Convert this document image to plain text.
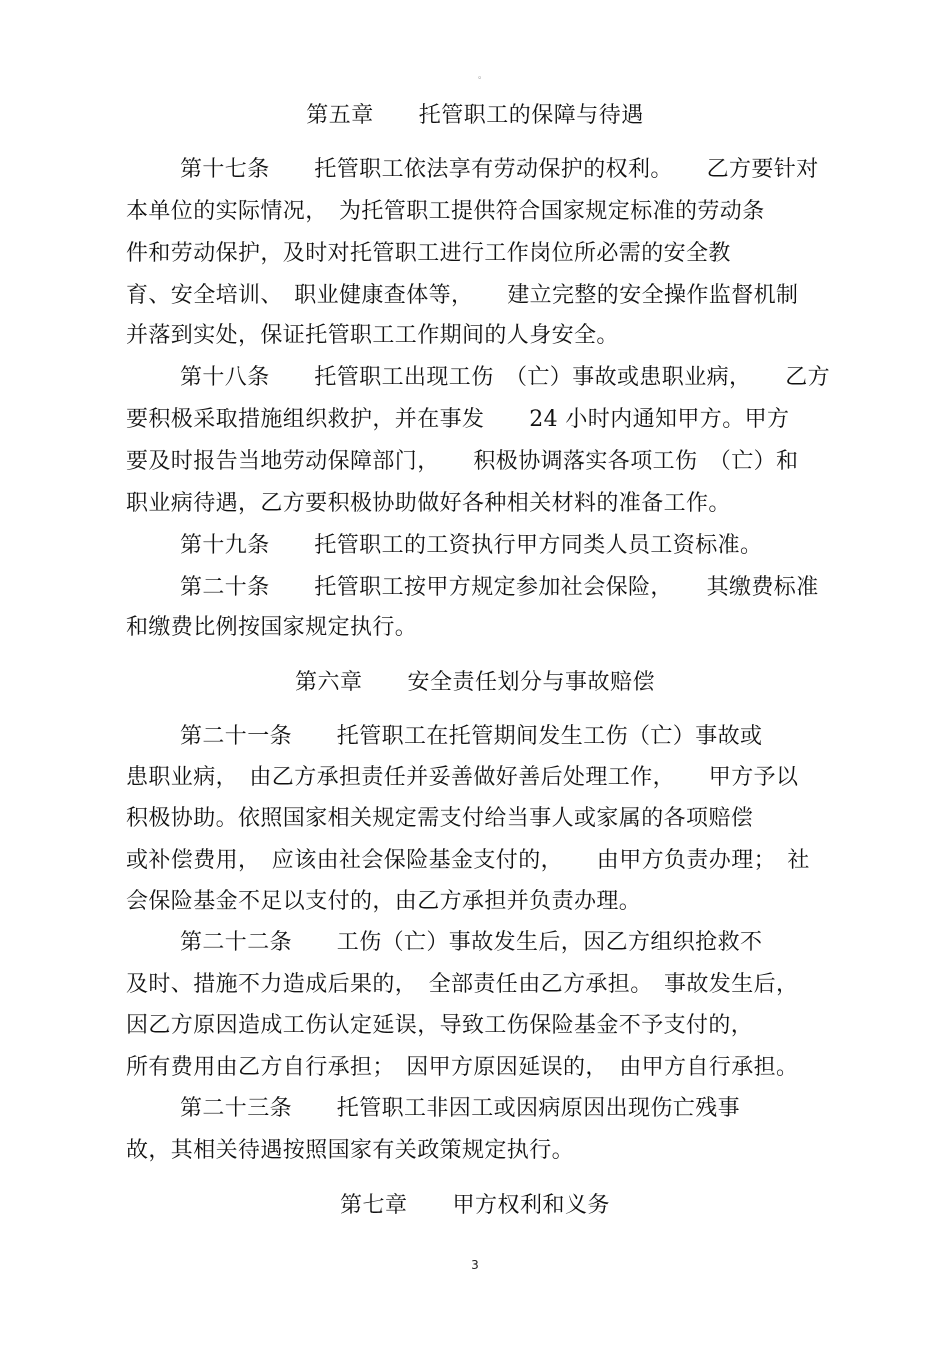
。
第五章　　托管职工的保障与待遇
第十七条　　托管职工依法享有劳动保护的权利。　　乙方要针对
本单位的实际情况，　为托管职工提供符合国家规定标准的劳动条
件和劳动保护，及时对托管职工进行工作岗位所必需的安全教
育、安全培训、　职业健康查体等，　　建立完整的安全操作监督机制
并落到实处，保证托管职工工作期间的人身安全。
第十八条　　托管职工出现工伤　（亡）事故或患职业病，　　乙方
要积极采取措施组织救护，并在事发　　24 小时内通知甲方。甲方
要及时报告当地劳动保障部门，　　积极协调落实各项工伤　（亡）和
职业病待遇，乙方要积极协助做好各种相关材料的准备工作。
第十九条　　托管职工的工资执行甲方同类人员工资标准。
第二十条　　托管职工按甲方规定参加社会保险，　　其缴费标准
和缴费比例按国家规定执行。
第六章　　安全责任划分与事故赔偿
第二十一条　　托管职工在托管期间发生工伤（亡）事故或
患职业病，　由乙方承担责任并妥善做好善后处理工作，　　甲方予以
积极协助。依照国家相关规定需支付给当事人或家属的各项赔偿
或补偿费用，　应该由社会保险基金支付的，　　由甲方负责办理；　社
会保险基金不足以支付的，由乙方承担并负责办理。
第二十二条　　工伤（亡）事故发生后，因乙方组织抢救不
及时、措施不力造成后果的，　全部责任由乙方承担。　事故发生后，
因乙方原因造成工伤认定延误，导致工伤保险基金不予支付的，
所有费用由乙方自行承担；　因甲方原因延误的，　由甲方自行承担。
第二十三条　　托管职工非因工或因病原因出现伤亡残事
故，其相关待遇按照国家有关政策规定执行。
第七章　　甲方权利和义务
3
